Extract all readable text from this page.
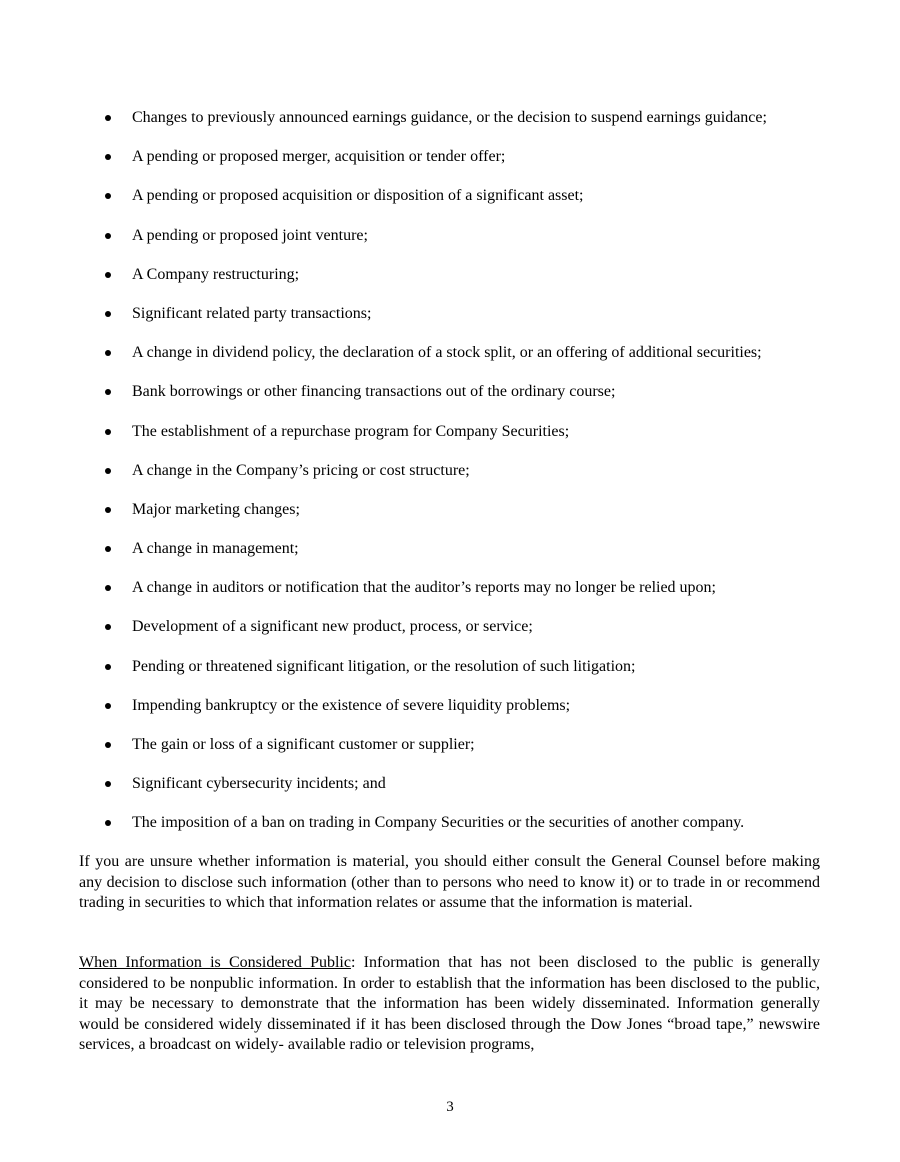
Changes to previously announced earnings guidance, or the decision to suspend earnings guidance;
A pending or proposed merger, acquisition or tender offer;
A pending or proposed acquisition or disposition of a significant asset;
A pending or proposed joint venture;
A Company restructuring;
Significant related party transactions;
A change in dividend policy, the declaration of a stock split, or an offering of additional securities;
Bank borrowings or other financing transactions out of the ordinary course;
The establishment of a repurchase program for Company Securities;
A change in the Company’s pricing or cost structure;
Major marketing changes;
A change in management;
A change in auditors or notification that the auditor’s reports may no longer be relied upon;
Development of a significant new product, process, or service;
Pending or threatened significant litigation, or the resolution of such litigation;
Impending bankruptcy or the existence of severe liquidity problems;
The gain or loss of a significant customer or supplier;
Significant cybersecurity incidents; and
The imposition of a ban on trading in Company Securities or the securities of another company.

If you are unsure whether information is material, you should either consult the General Counsel before making any decision to disclose such information (other than to persons who need to know it) or to trade in or recommend trading in securities to which that information relates or assume that the information is material.

When Information is Considered Public: Information that has not been disclosed to the public is generally considered to be nonpublic information. In order to establish that the information has been disclosed to the public, it may be necessary to demonstrate that the information has been widely disseminated. Information generally would be considered widely disseminated if it has been disclosed through the Dow Jones “broad tape,” newswire services, a broadcast on widely- available radio or television programs,

3
